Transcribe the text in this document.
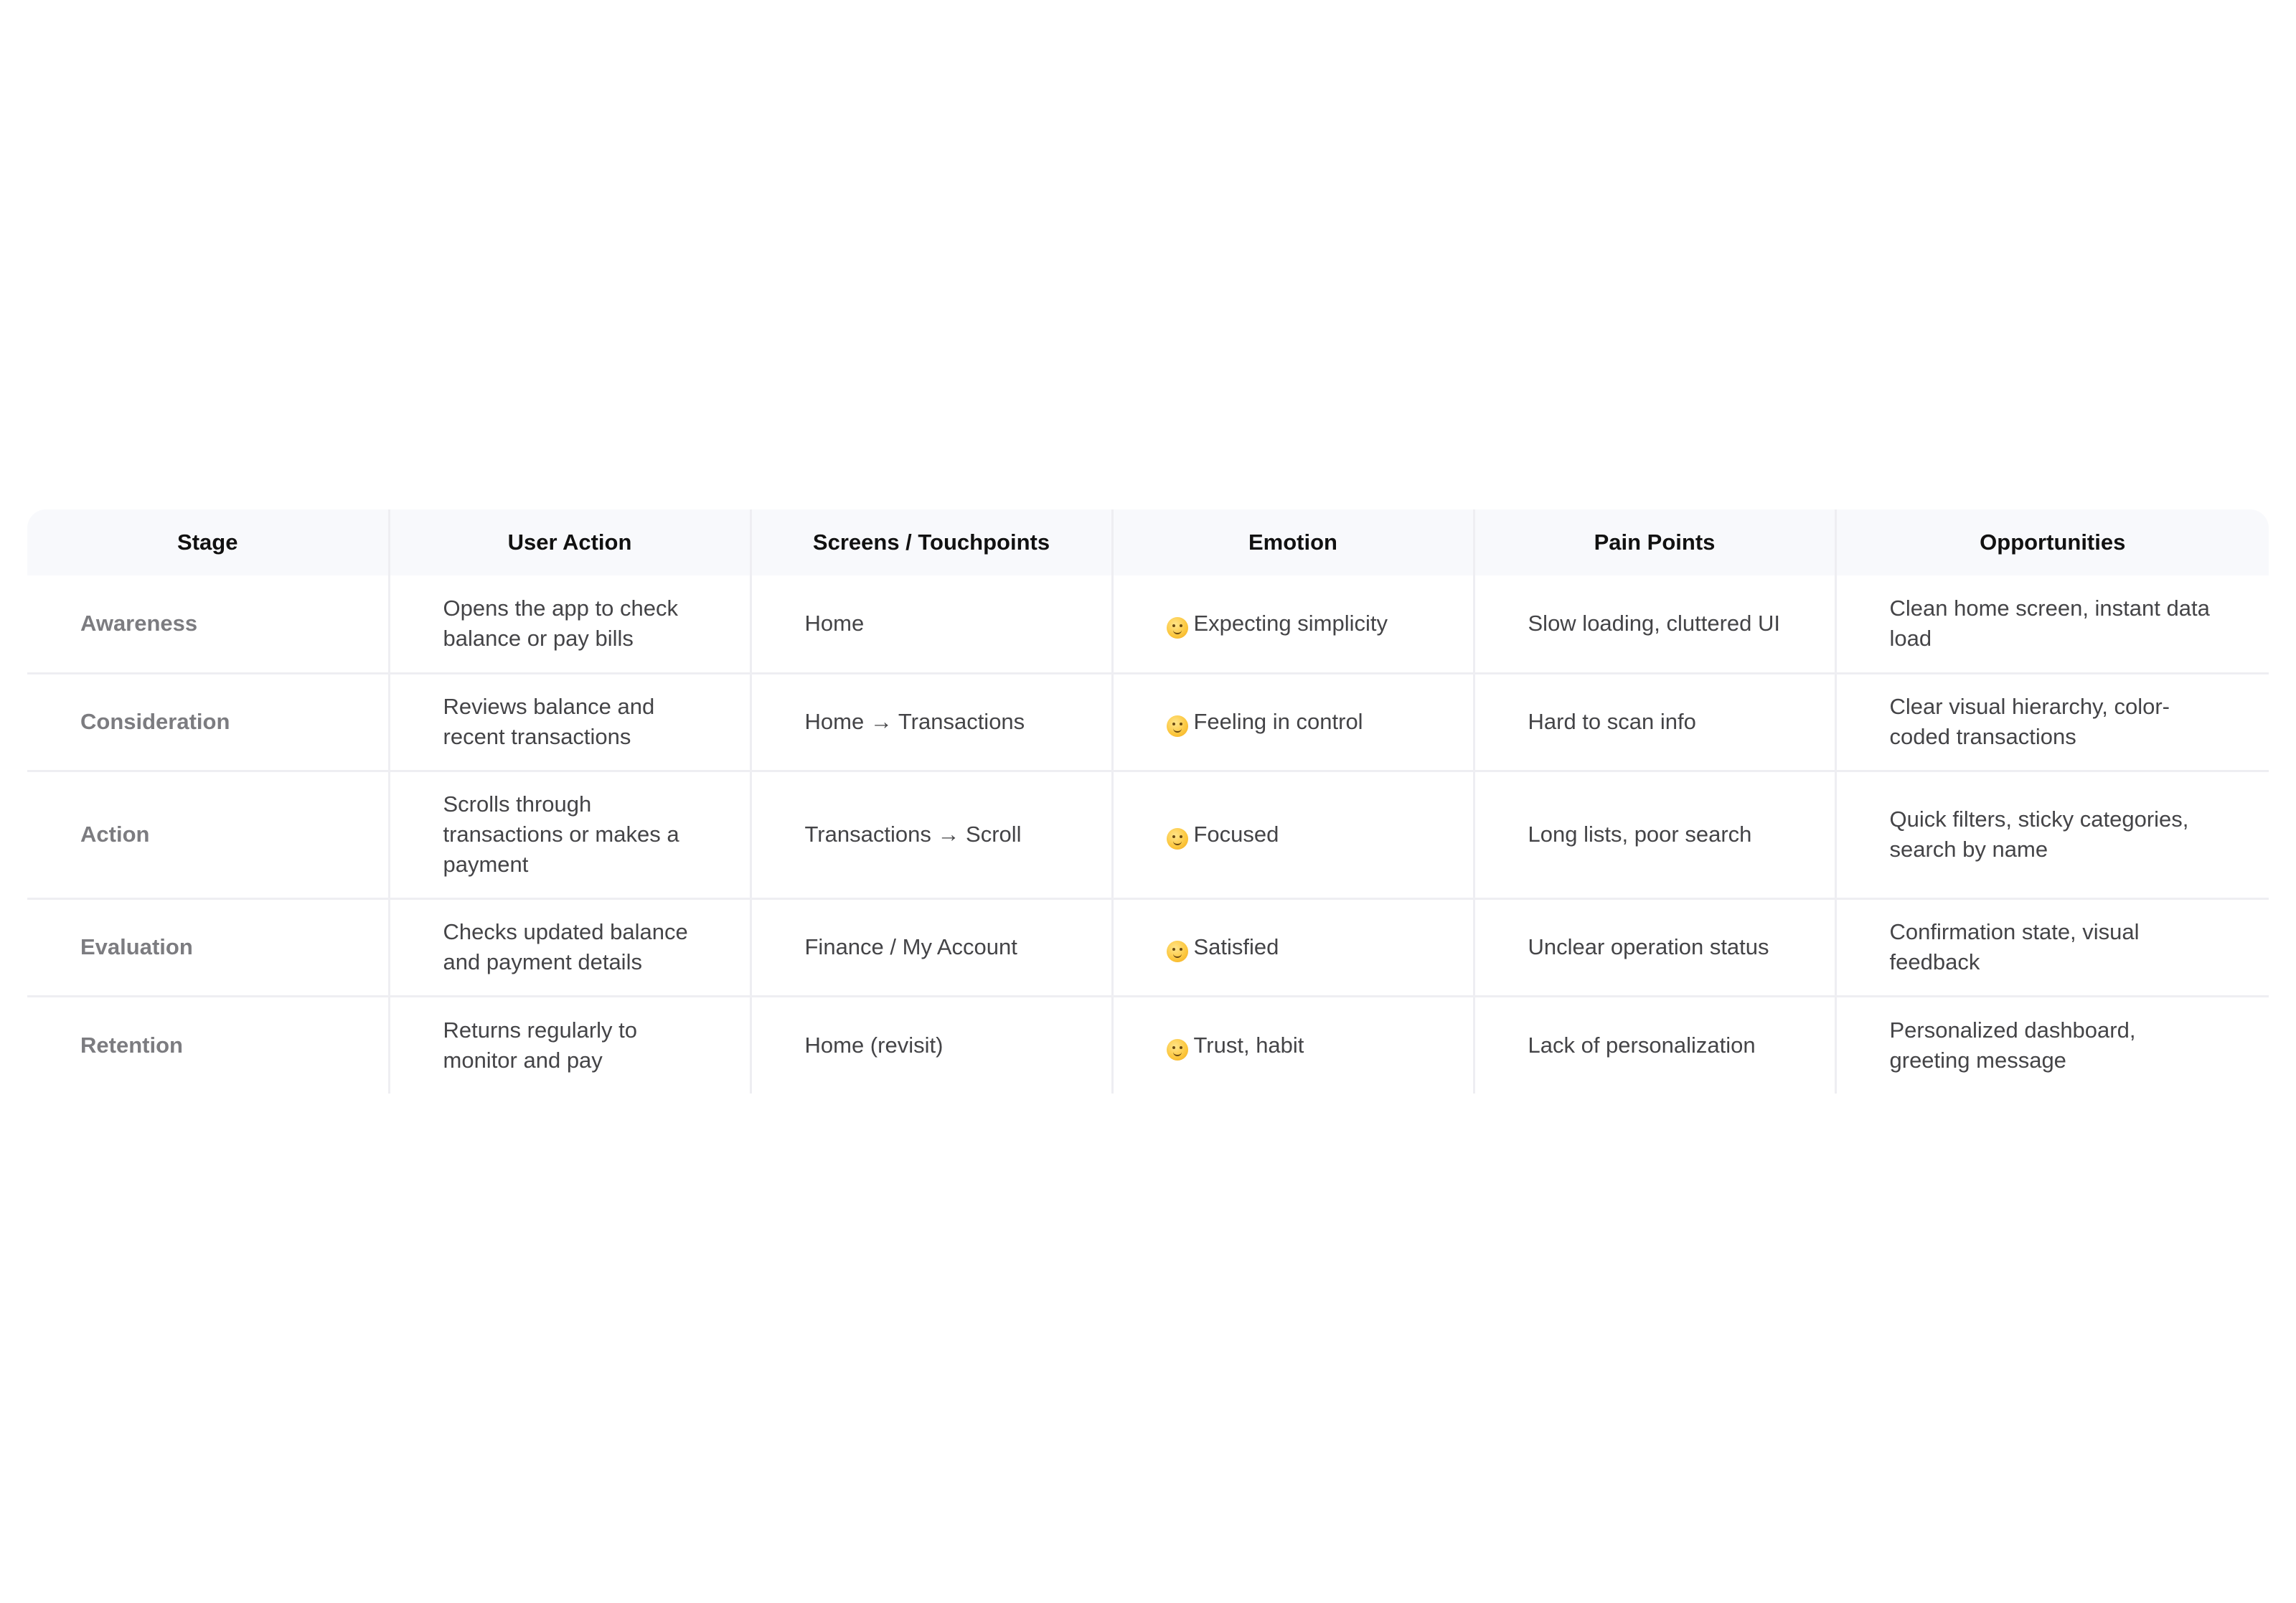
Stage	User Action	Screens / Touchpoints	Emotion	Pain Points	Opportunities
Awareness	Opens the app to check balance or pay bills	Home	Expecting simplicity	Slow loading, cluttered UI	Clean home screen, instant data load
Consideration	Reviews balance and recent transactions	Home → Transactions	Feeling in control	Hard to scan info	Clear visual hierarchy, color-coded transactions
Action	Scrolls through transactions or makes a payment	Transactions → Scroll	Focused	Long lists, poor search	Quick filters, sticky categories, search by name
Evaluation	Checks updated balance and payment details	Finance / My Account	Satisfied	Unclear operation status	Confirmation state, visual feedback
Retention	Returns regularly to monitor and pay	Home (revisit)	Trust, habit	Lack of personalization	Personalized dashboard, greeting message
